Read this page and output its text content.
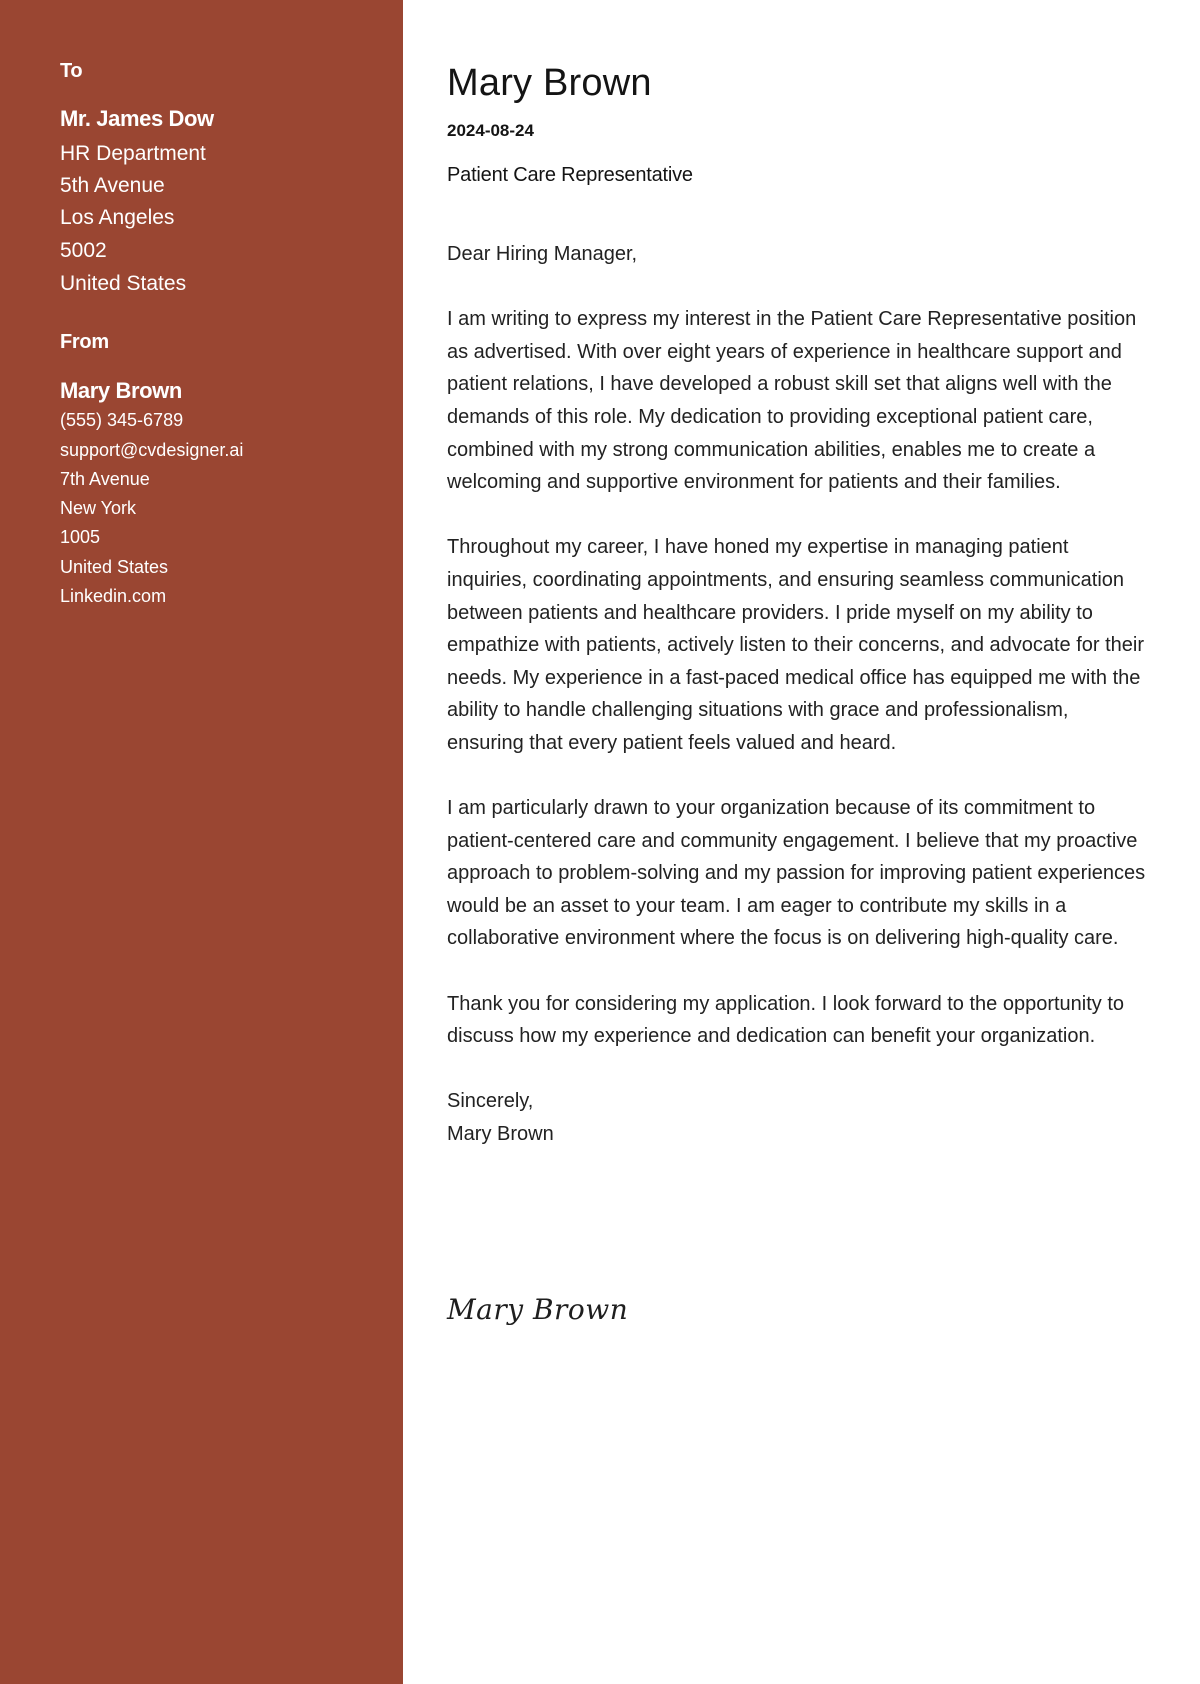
To
Mr. James Dow
HR Department
5th Avenue
Los Angeles
5002
United States
From
Mary Brown
(555) 345-6789
support@cvdesigner.ai
7th Avenue
New York
1005
United States
Linkedin.com
Mary Brown
2024-08-24
Patient Care Representative

Dear Hiring Manager,

I am writing to express my interest in the Patient Care Representative position as advertised. With over eight years of experience in healthcare support and patient relations, I have developed a robust skill set that aligns well with the demands of this role. My dedication to providing exceptional patient care, combined with my strong communication abilities, enables me to create a welcoming and supportive environment for patients and their families.

Throughout my career, I have honed my expertise in managing patient inquiries, coordinating appointments, and ensuring seamless communication between patients and healthcare providers. I pride myself on my ability to empathize with patients, actively listen to their concerns, and advocate for their needs. My experience in a fast-paced medical office has equipped me with the ability to handle challenging situations with grace and professionalism, ensuring that every patient feels valued and heard.

I am particularly drawn to your organization because of its commitment to patient-centered care and community engagement. I believe that my proactive approach to problem-solving and my passion for improving patient experiences would be an asset to your team. I am eager to contribute my skills in a collaborative environment where the focus is on delivering high-quality care.

Thank you for considering my application. I look forward to the opportunity to discuss how my experience and dedication can benefit your organization.

Sincerely,
Mary Brown
Mary Brown
